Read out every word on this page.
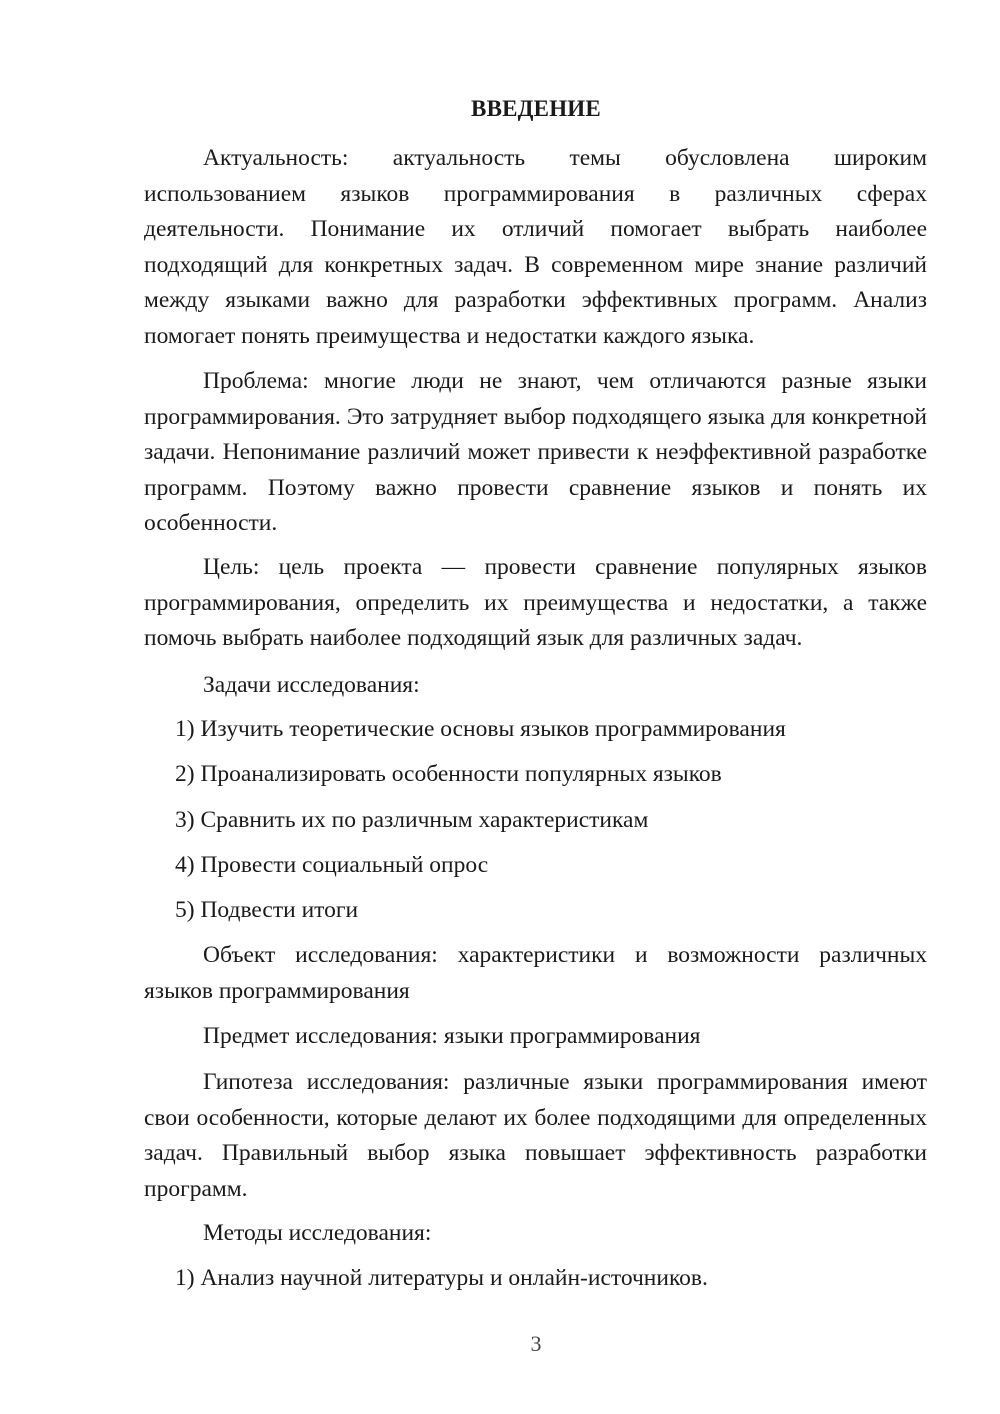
ВВЕДЕНИЕ

Актуальность: актуальность темы обусловлена широким использованием языков программирования в различных сферах деятельности. Понимание их отличий помогает выбрать наиболее подходящий для конкретных задач. В современном мире знание различий между языками важно для разработки эффективных программ. Анализ помогает понять преимущества и недостатки каждого языка.

Проблема: многие люди не знают, чем отличаются разные языки программирования. Это затрудняет выбор подходящего языка для конкретной задачи. Непонимание различий может привести к неэффективной разработке программ. Поэтому важно провести сравнение языков и понять их особенности.

Цель: цель проекта — провести сравнение популярных языков программирования, определить их преимущества и недостатки, а также помочь выбрать наиболее подходящий язык для различных задач.

Задачи исследования:

1) Изучить теоретические основы языков программирования

2) Проанализировать особенности популярных языков

3) Сравнить их по различным характеристикам

4) Провести социальный опрос

5) Подвести итоги

Объект исследования: характеристики и возможности различных языков программирования

Предмет исследования: языки программирования

Гипотеза исследования: различные языки программирования имеют свои особенности, которые делают их более подходящими для определенных задач. Правильный выбор языка повышает эффективность разработки программ.

Методы исследования:

1) Анализ научной литературы и онлайн-источников.

3
